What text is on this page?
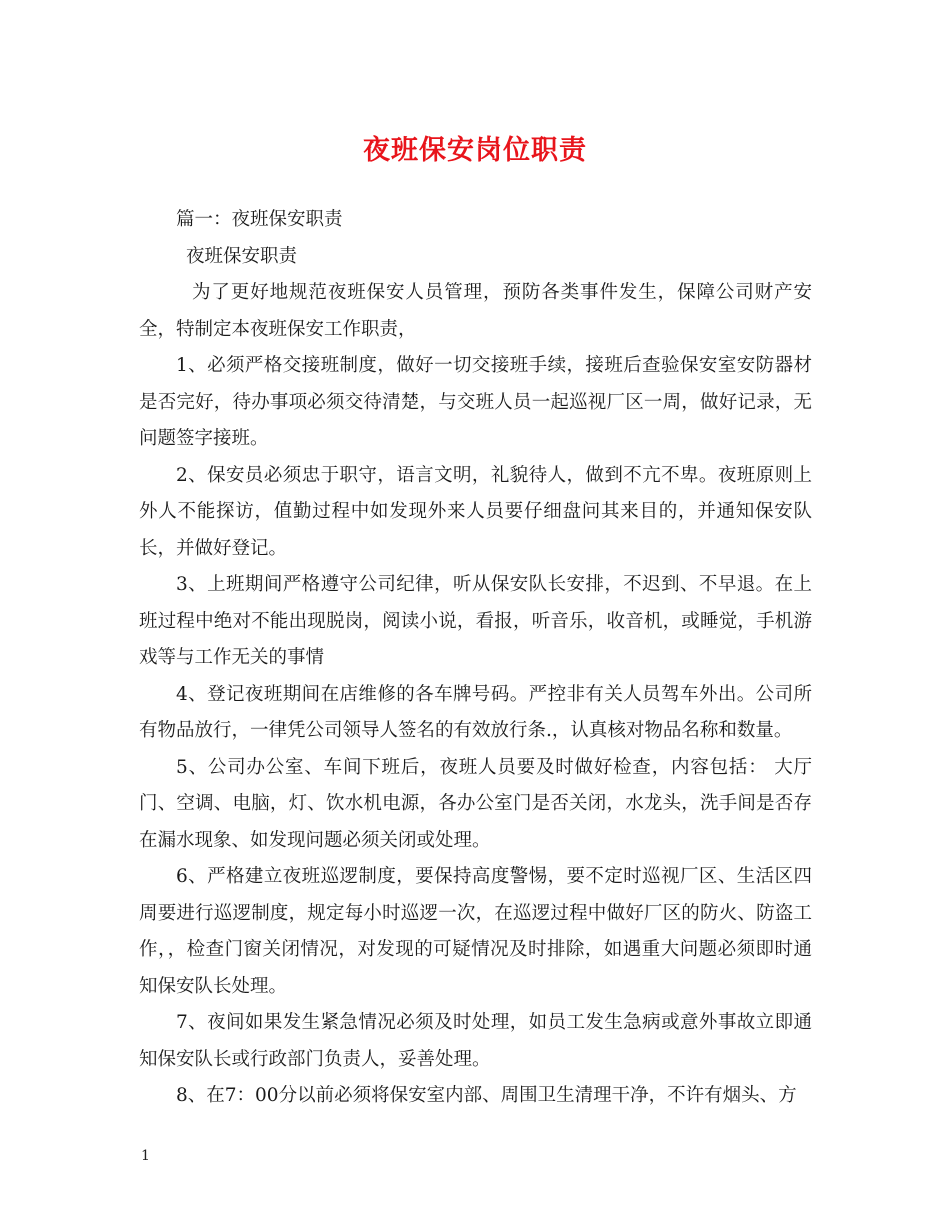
夜班保安岗位职责

篇一：夜班保安职责

夜班保安职责

为了更好地规范夜班保安人员管理，预防各类事件发生，保障公司财产安全，特制定本夜班保安工作职责，

1、必须严格交接班制度，做好一切交接班手续，接班后查验保安室安防器材是否完好，待办事项必须交待清楚，与交班人员一起巡视厂区一周，做好记录，无问题签字接班。

2、保安员必须忠于职守，语言文明，礼貌待人，做到不亢不卑。夜班原则上外人不能探访，值勤过程中如发现外来人员要仔细盘问其来目的，并通知保安队长，并做好登记。

3、上班期间严格遵守公司纪律，听从保安队长安排，不迟到、不早退。在上班过程中绝对不能出现脱岗，阅读小说，看报，听音乐，收音机，或睡觉，手机游戏等与工作无关的事情

4、登记夜班期间在店维修的各车牌号码。严控非有关人员驾车外出。公司所有物品放行，一律凭公司领导人签名的有效放行条.，认真核对物品名称和数量。

5、公司办公室、车间下班后，夜班人员要及时做好检查，内容包括： 大厅门、空调、电脑，灯、饮水机电源，各办公室门是否关闭，水龙头，洗手间是否存在漏水现象、如发现问题必须关闭或处理。

6、严格建立夜班巡逻制度，要保持高度警惕，要不定时巡视厂区、生活区四周要进行巡逻制度，规定每小时巡逻一次，在巡逻过程中做好厂区的防火、防盗工作，，检查门窗关闭情况，对发现的可疑情况及时排除，如遇重大问题必须即时通知保安队长处理。

7、夜间如果发生紧急情况必须及时处理，如员工发生急病或意外事故立即通知保安队长或行政部门负责人，妥善处理。

8、在7：00分以前必须将保安室内部、周围卫生清理干净，不许有烟头、方

1
